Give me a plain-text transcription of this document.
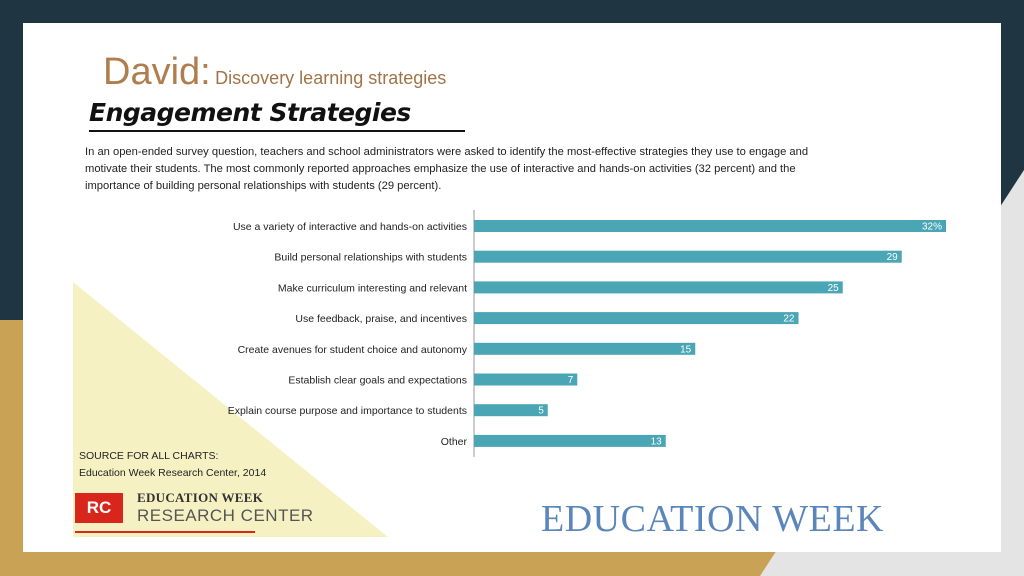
David: Discovery learning strategies
Engagement Strategies
In an open-ended survey question, teachers and school administrators were asked to identify the most-effective strategies they use to engage and motivate their students. The most commonly reported approaches emphasize the use of interactive and hands-on activities (32 percent) and the importance of building personal relationships with students (29 percent).
Use a variety of interactive and hands-on activities	32%
Build personal relationships with students	29
Make curriculum interesting and relevant	25
Use feedback, praise, and incentives	22
Create avenues for student choice and autonomy	15
Establish clear goals and expectations	7
Explain course purpose and importance to students	5
Other	13
SOURCE FOR ALL CHARTS:
Education Week Research Center, 2014
RC
EDUCATION WEEK
RESEARCH CENTER	EDUCATION WEEK
